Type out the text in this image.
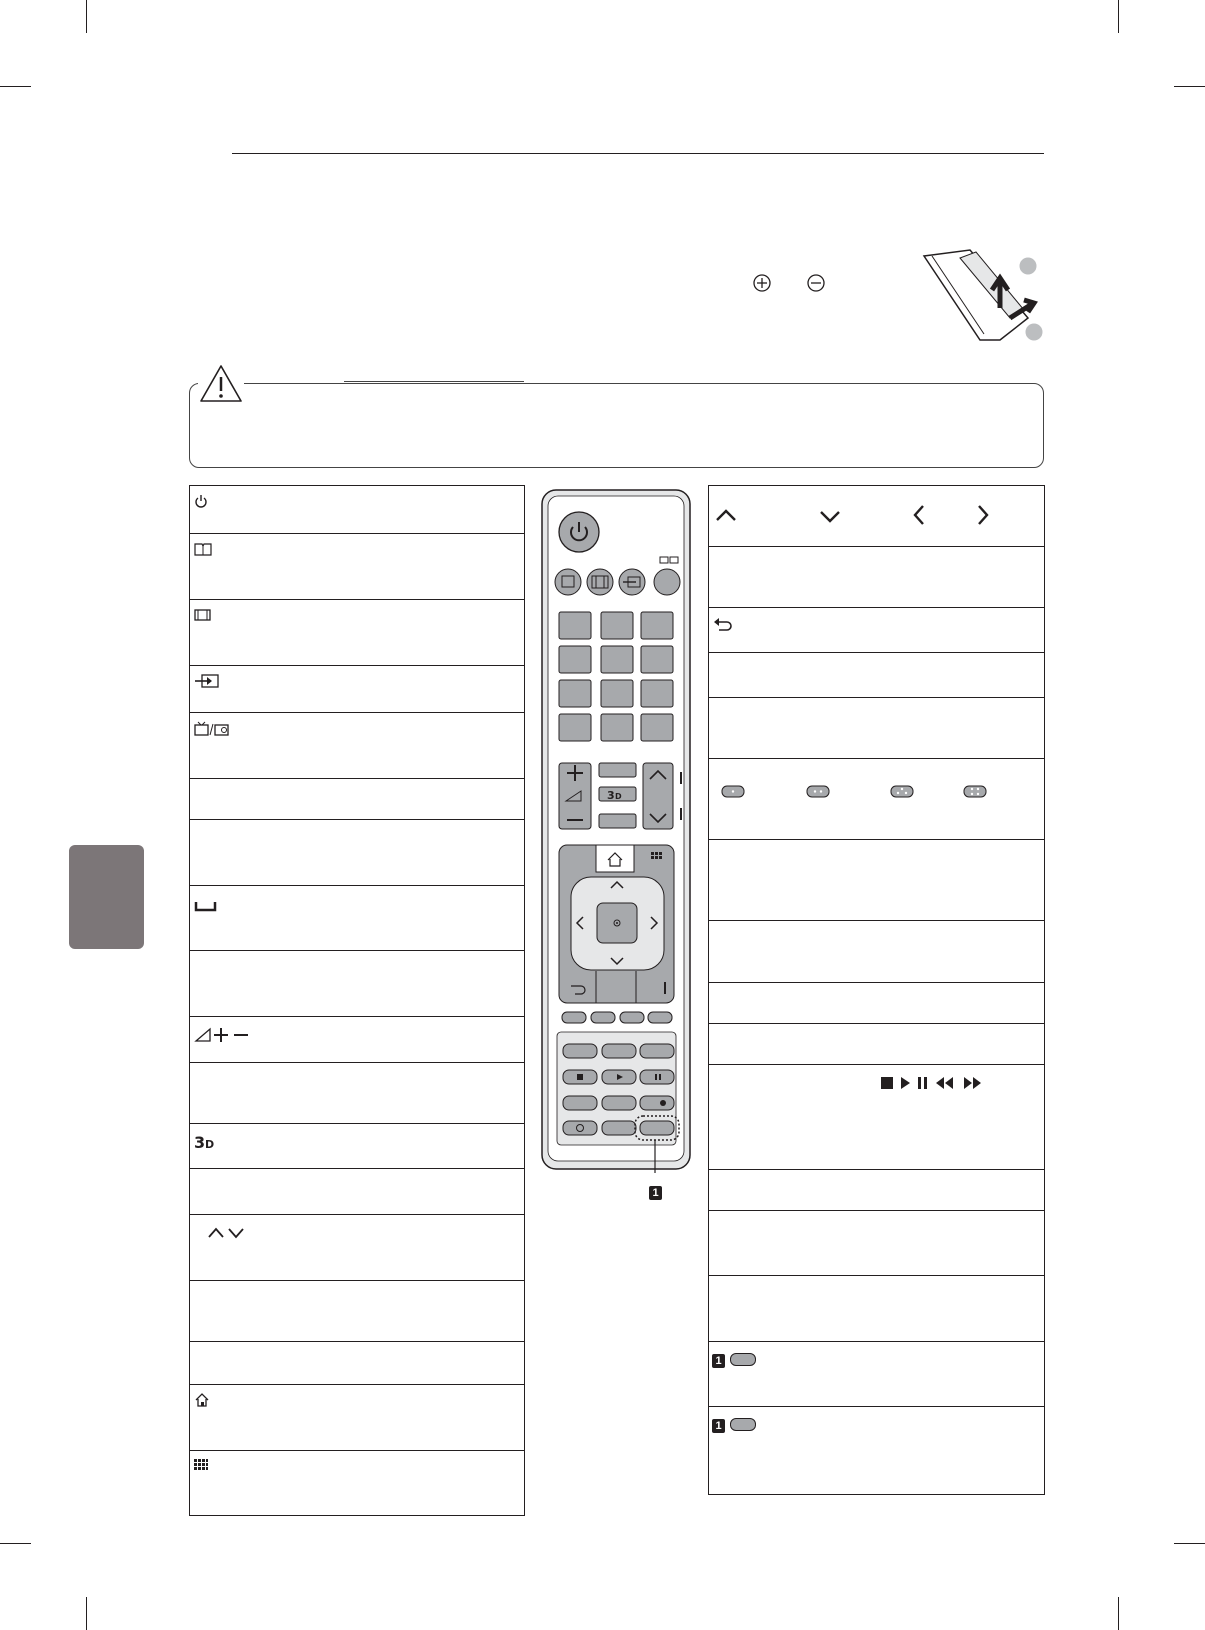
3 D
1
1
3 D
1
